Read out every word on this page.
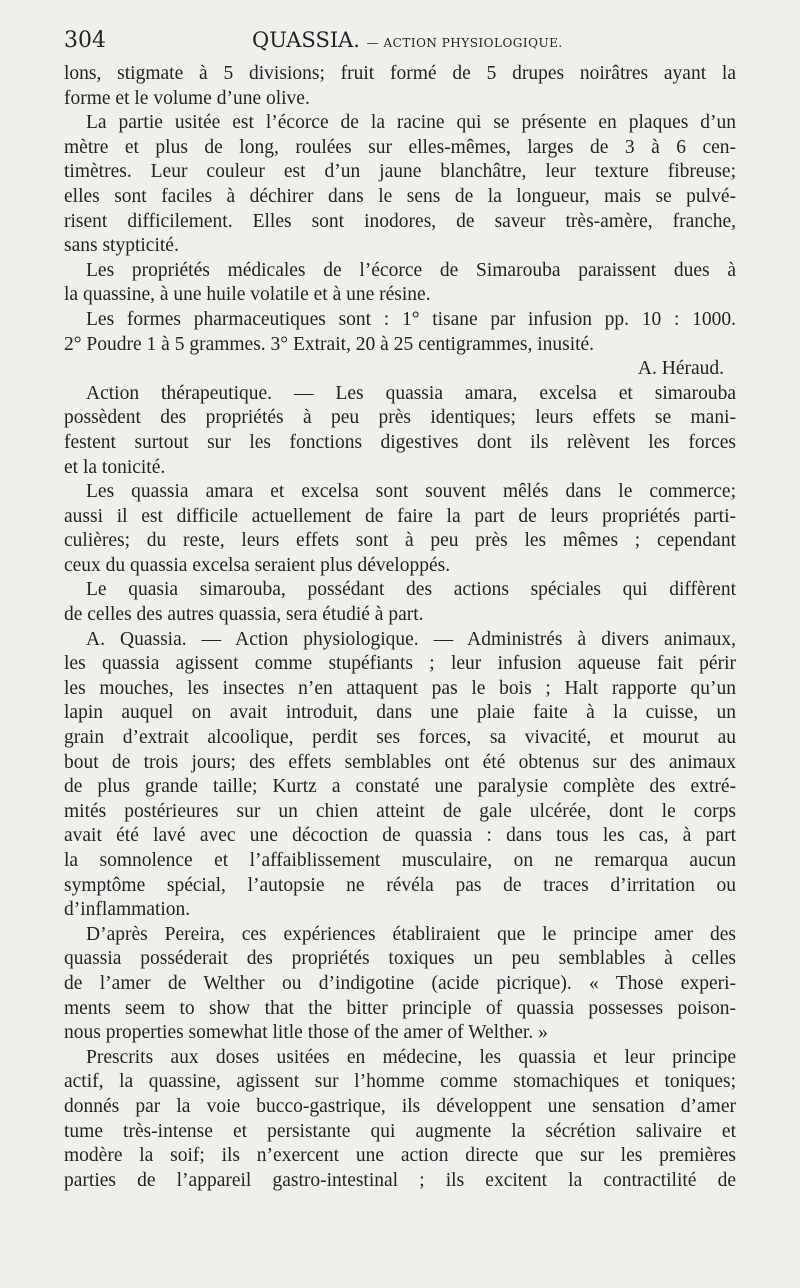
304	QUASSIA. — ACTION PHYSIOLOGIQUE.
lons, stigmate à 5 divisions; fruit formé de 5 drupes noirâtres ayant la
forme et le volume d’une olive.
La partie usitée est l’écorce de la racine qui se présente en plaques d’un
mètre et plus de long, roulées sur elles-mêmes, larges de 3 à 6 cen-
timètres. Leur couleur est d’un jaune blanchâtre, leur texture fibreuse;
elles sont faciles à déchirer dans le sens de la longueur, mais se pulvé-
risent difficilement. Elles sont inodores, de saveur très-amère, franche,
sans stypticité.
Les propriétés médicales de l’écorce de Simarouba paraissent dues à
la quassine, à une huile volatile et à une résine.
Les formes pharmaceutiques sont : 1° tisane par infusion pp. 10 : 1000.
2° Poudre 1 à 5 grammes. 3° Extrait, 20 à 25 centigrammes, inusité.
A. Héraud.
Action thérapeutique. — Les quassia amara, excelsa et simarouba
possèdent des propriétés à peu près identiques; leurs effets se mani-
festent surtout sur les fonctions digestives dont ils relèvent les forces
et la tonicité.
Les quassia amara et excelsa sont souvent mêlés dans le commerce;
aussi il est difficile actuellement de faire la part de leurs propriétés parti-
culières; du reste, leurs effets sont à peu près les mêmes ; cependant
ceux du quassia excelsa seraient plus développés.
Le quasia simarouba, possédant des actions spéciales qui diffèrent
de celles des autres quassia, sera étudié à part.
A. Quassia. — Action physiologique. — Administrés à divers animaux,
les quassia agissent comme stupéfiants ; leur infusion aqueuse fait périr
les mouches, les insectes n’en attaquent pas le bois ; Halt rapporte qu’un
lapin auquel on avait introduit, dans une plaie faite à la cuisse, un
grain d’extrait alcoolique, perdit ses forces, sa vivacité, et mourut au
bout de trois jours; des effets semblables ont été obtenus sur des animaux
de plus grande taille; Kurtz a constaté une paralysie complète des extré-
mités postérieures sur un chien atteint de gale ulcérée, dont le corps
avait été lavé avec une décoction de quassia : dans tous les cas, à part
la somnolence et l’affaiblissement musculaire, on ne remarqua aucun
symptôme spécial, l’autopsie ne révéla pas de traces d’irritation ou
d’inflammation.
D’après Pereira, ces expériences établiraient que le principe amer des
quassia posséderait des propriétés toxiques un peu semblables à celles
de l’amer de Welther ou d’indigotine (acide picrique). « Those experi-
ments seem to show that the bitter principle of quassia possesses poison-
nous properties somewhat litle those of the amer of Welther. »
Prescrits aux doses usitées en médecine, les quassia et leur principe
actif, la quassine, agissent sur l’homme comme stomachiques et toniques;
donnés par la voie bucco-gastrique, ils développent une sensation d’amer
tume très-intense et persistante qui augmente la sécrétion salivaire et
modère la soif; ils n’exercent une action directe que sur les premières
parties de l’appareil gastro-intestinal ; ils excitent la contractilité de
